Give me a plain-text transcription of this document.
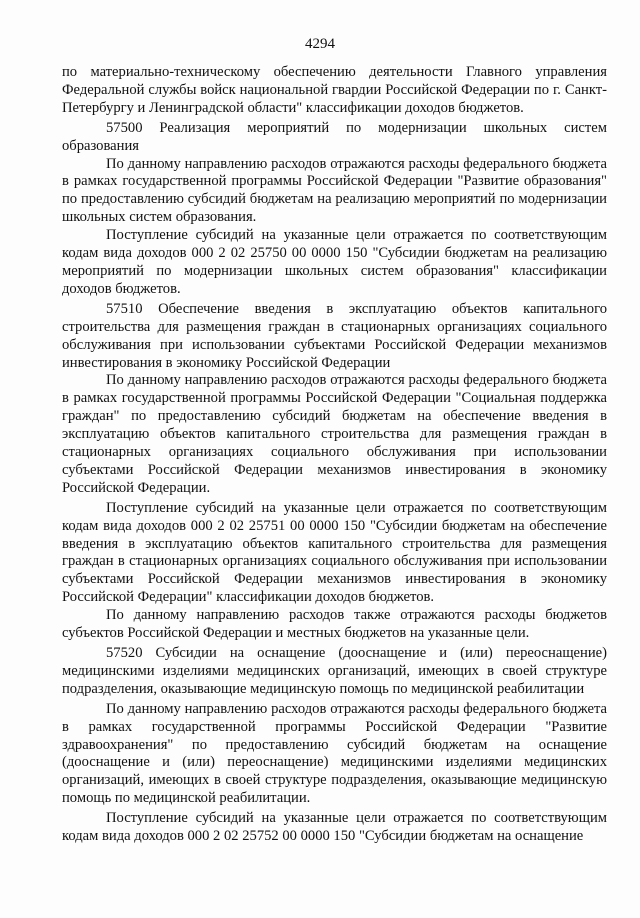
4294

по материально-техническому обеспечению деятельности Главного управления Федеральной службы войск национальной гвардии Российской Федерации по г. Санкт-Петербургу и Ленинградской области" классификации доходов бюджетов.

57500 Реализация мероприятий по модернизации школьных систем образования

По данному направлению расходов отражаются расходы федерального бюджета в рамках государственной программы Российской Федерации "Развитие образования" по предоставлению субсидий бюджетам на реализацию мероприятий по модернизации школьных систем образования.

Поступление субсидий на указанные цели отражается по соответствующим кодам вида доходов 000 2 02 25750 00 0000 150 "Субсидии бюджетам на реализацию мероприятий по модернизации школьных систем образования" классификации доходов бюджетов.

57510 Обеспечение введения в эксплуатацию объектов капитального строительства для размещения граждан в стационарных организациях социального обслуживания при использовании субъектами Российской Федерации механизмов инвестирования в экономику Российской Федерации

По данному направлению расходов отражаются расходы федерального бюджета в рамках государственной программы Российской Федерации "Социальная поддержка граждан" по предоставлению субсидий бюджетам на обеспечение введения в эксплуатацию объектов капитального строительства для размещения граждан в стационарных организациях социального обслуживания при использовании субъектами Российской Федерации механизмов инвестирования в экономику Российской Федерации.

Поступление субсидий на указанные цели отражается по соответствующим кодам вида доходов 000 2 02 25751 00 0000 150 "Субсидии бюджетам на обеспечение введения в эксплуатацию объектов капитального строительства для размещения граждан в стационарных организациях социального обслуживания при использовании субъектами Российской Федерации механизмов инвестирования в экономику Российской Федерации" классификации доходов бюджетов.

По данному направлению расходов также отражаются расходы бюджетов субъектов Российской Федерации и местных бюджетов на указанные цели.

57520 Субсидии на оснащение (дооснащение и (или) переоснащение) медицинскими изделиями медицинских организаций, имеющих в своей структуре подразделения, оказывающие медицинскую помощь по медицинской реабилитации

По данному направлению расходов отражаются расходы федерального бюджета в рамках государственной программы Российской Федерации "Развитие здравоохранения" по предоставлению субсидий бюджетам на оснащение (дооснащение и (или) переоснащение) медицинскими изделиями медицинских организаций, имеющих в своей структуре подразделения, оказывающие медицинскую помощь по медицинской реабилитации.

Поступление субсидий на указанные цели отражается по соответствующим кодам вида доходов 000 2 02 25752 00 0000 150 "Субсидии бюджетам на оснащение
